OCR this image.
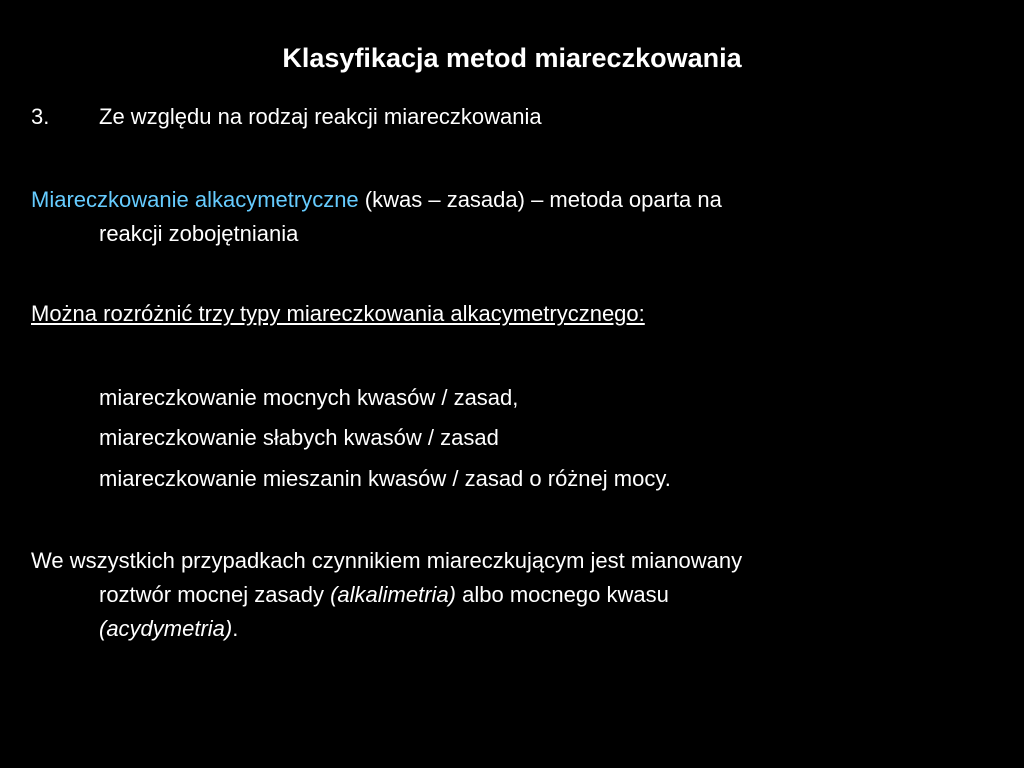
Klasyfikacja metod miareczkowania
3. Ze względu na rodzaj reakcji miareczkowania
Miareczkowanie alkacymetryczne (kwas – zasada) – metoda oparta na
reakcji zobojętniania
Można rozróżnić trzy typy miareczkowania alkacymetrycznego:
miareczkowanie mocnych kwasów / zasad,
miareczkowanie słabych kwasów / zasad
miareczkowanie mieszanin kwasów / zasad o różnej mocy.
We wszystkich przypadkach czynnikiem miareczkującym jest mianowany
roztwór mocnej zasady (alkalimetria) albo mocnego kwasu
(acydymetria).
